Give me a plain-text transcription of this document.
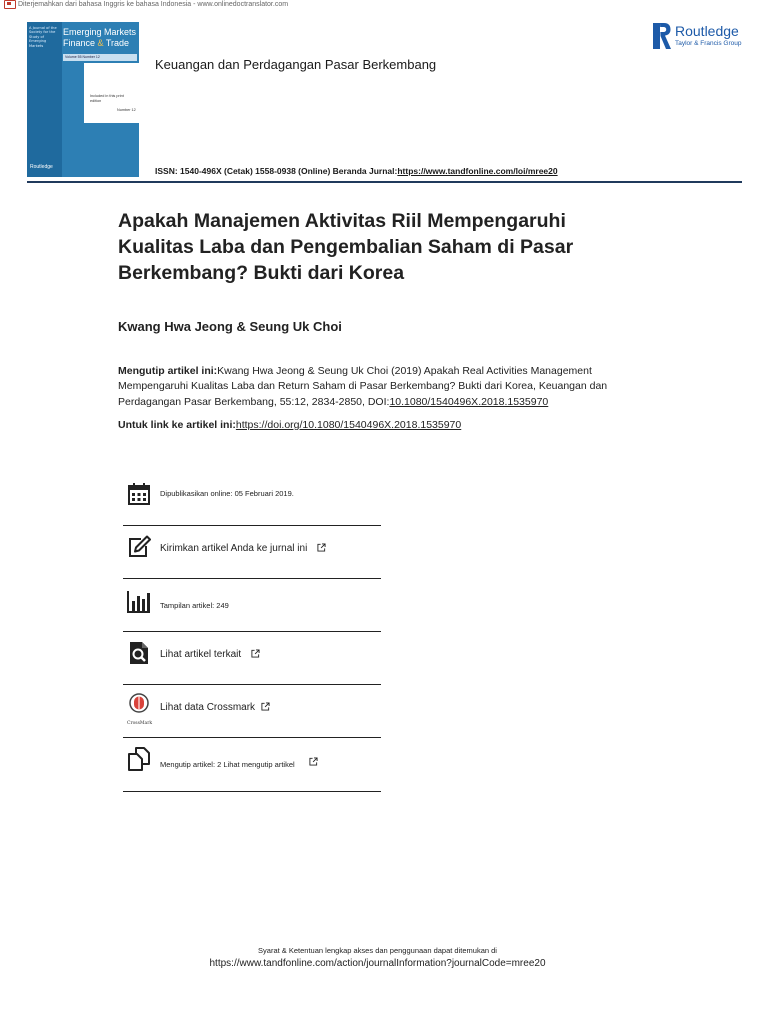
Diterjemahkan dari bahasa Inggris ke bahasa Indonesia - www.onlinedoctranslator.com
A Journal of the Society for the Study of Emerging Markets
Emerging Markets
Finance & Trade
Volume 55 Number 12
Included in this print edition
Number 12
Routledge
Keuangan dan Perdagangan Pasar Berkembang
Routledge
Taylor & Francis Group
ISSN: 1540-496X (Cetak) 1558-0938 (Online) Beranda Jurnal:https://www.tandfonline.com/loi/mree20
Apakah Manajemen Aktivitas Riil Mempengaruhi Kualitas Laba dan Pengembalian Saham di Pasar Berkembang? Bukti dari Korea
Kwang Hwa Jeong & Seung Uk Choi
Mengutip artikel ini:Kwang Hwa Jeong & Seung Uk Choi (2019) Apakah Real Activities Management Mempengaruhi Kualitas Laba dan Return Saham di Pasar Berkembang? Bukti dari Korea, Keuangan dan Perdagangan Pasar Berkembang, 55:12, 2834-2850, DOI:10.1080/1540496X.2018.1535970
Untuk link ke artikel ini:https://doi.org/10.1080/1540496X.2018.1535970
Dipublikasikan online: 05 Februari 2019.
Kirimkan artikel Anda ke jurnal ini
Tampilan artikel: 249
Lihat artikel terkait
CrossMark
Lihat data Crossmark
Mengutip artikel: 2 Lihat mengutip artikel
Syarat & Ketentuan lengkap akses dan penggunaan dapat ditemukan di
https://www.tandfonline.com/action/journalInformation?journalCode=mree20
